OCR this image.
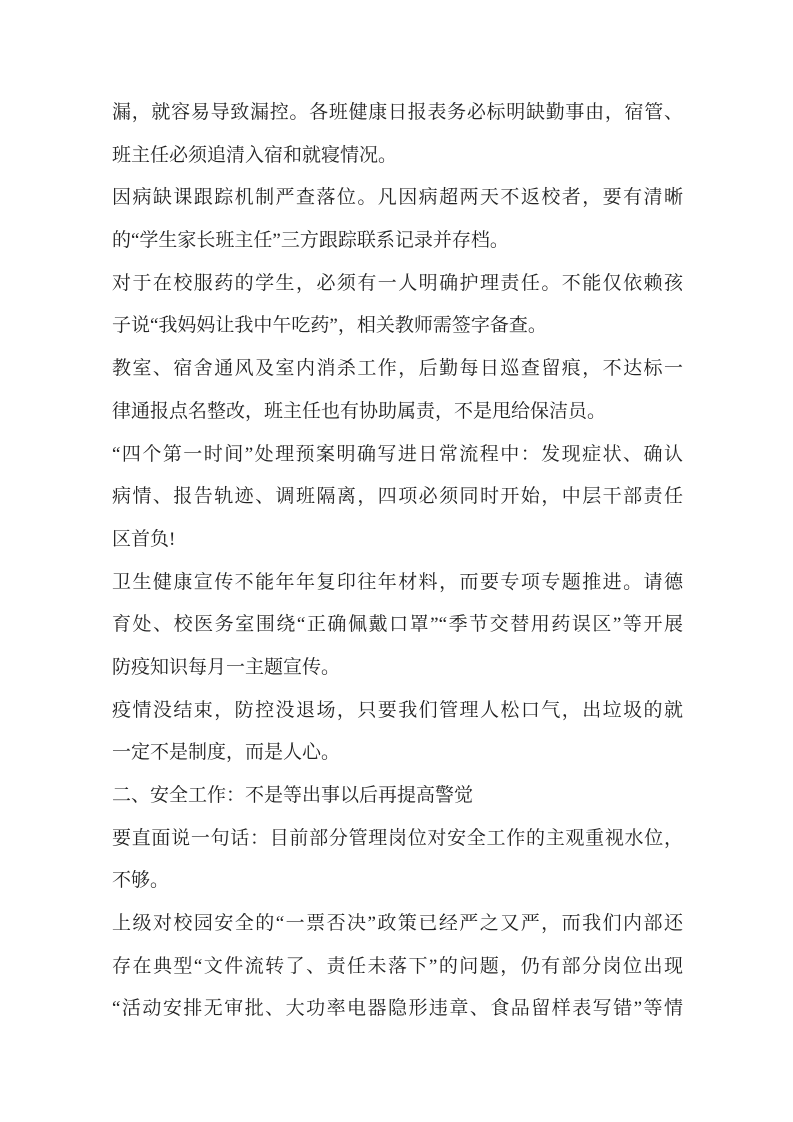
漏，就容易导致漏控。各班健康日报表务必标明缺勤事由，宿管、
班主任必须追清入宿和就寝情况。
因病缺课跟踪机制严查落位。凡因病超两天不返校者，要有清晰
的“学生家长班主任”三方跟踪联系记录并存档。
对于在校服药的学生，必须有一人明确护理责任。不能仅依赖孩
子说“我妈妈让我中午吃药”，相关教师需签字备查。
教室、宿舍通风及室内消杀工作，后勤每日巡查留痕，不达标一
律通报点名整改，班主任也有协助属责，不是甩给保洁员。
“四个第一时间”处理预案明确写进日常流程中：发现症状、确认
病情、报告轨迹、调班隔离，四项必须同时开始，中层干部责任
区首负!
卫生健康宣传不能年年复印往年材料，而要专项专题推进。请德
育处、校医务室围绕“正确佩戴口罩”“季节交替用药误区”等开展
防疫知识每月一主题宣传。
疫情没结束，防控没退场，只要我们管理人松口气，出垃圾的就
一定不是制度，而是人心。
二、安全工作：不是等出事以后再提高警觉
要直面说一句话：目前部分管理岗位对安全工作的主观重视水位，
不够。
上级对校园安全的“一票否决”政策已经严之又严，而我们内部还
存在典型“文件流转了、责任未落下”的问题，仍有部分岗位出现
“活动安排无审批、大功率电器隐形违章、食品留样表写错”等情
